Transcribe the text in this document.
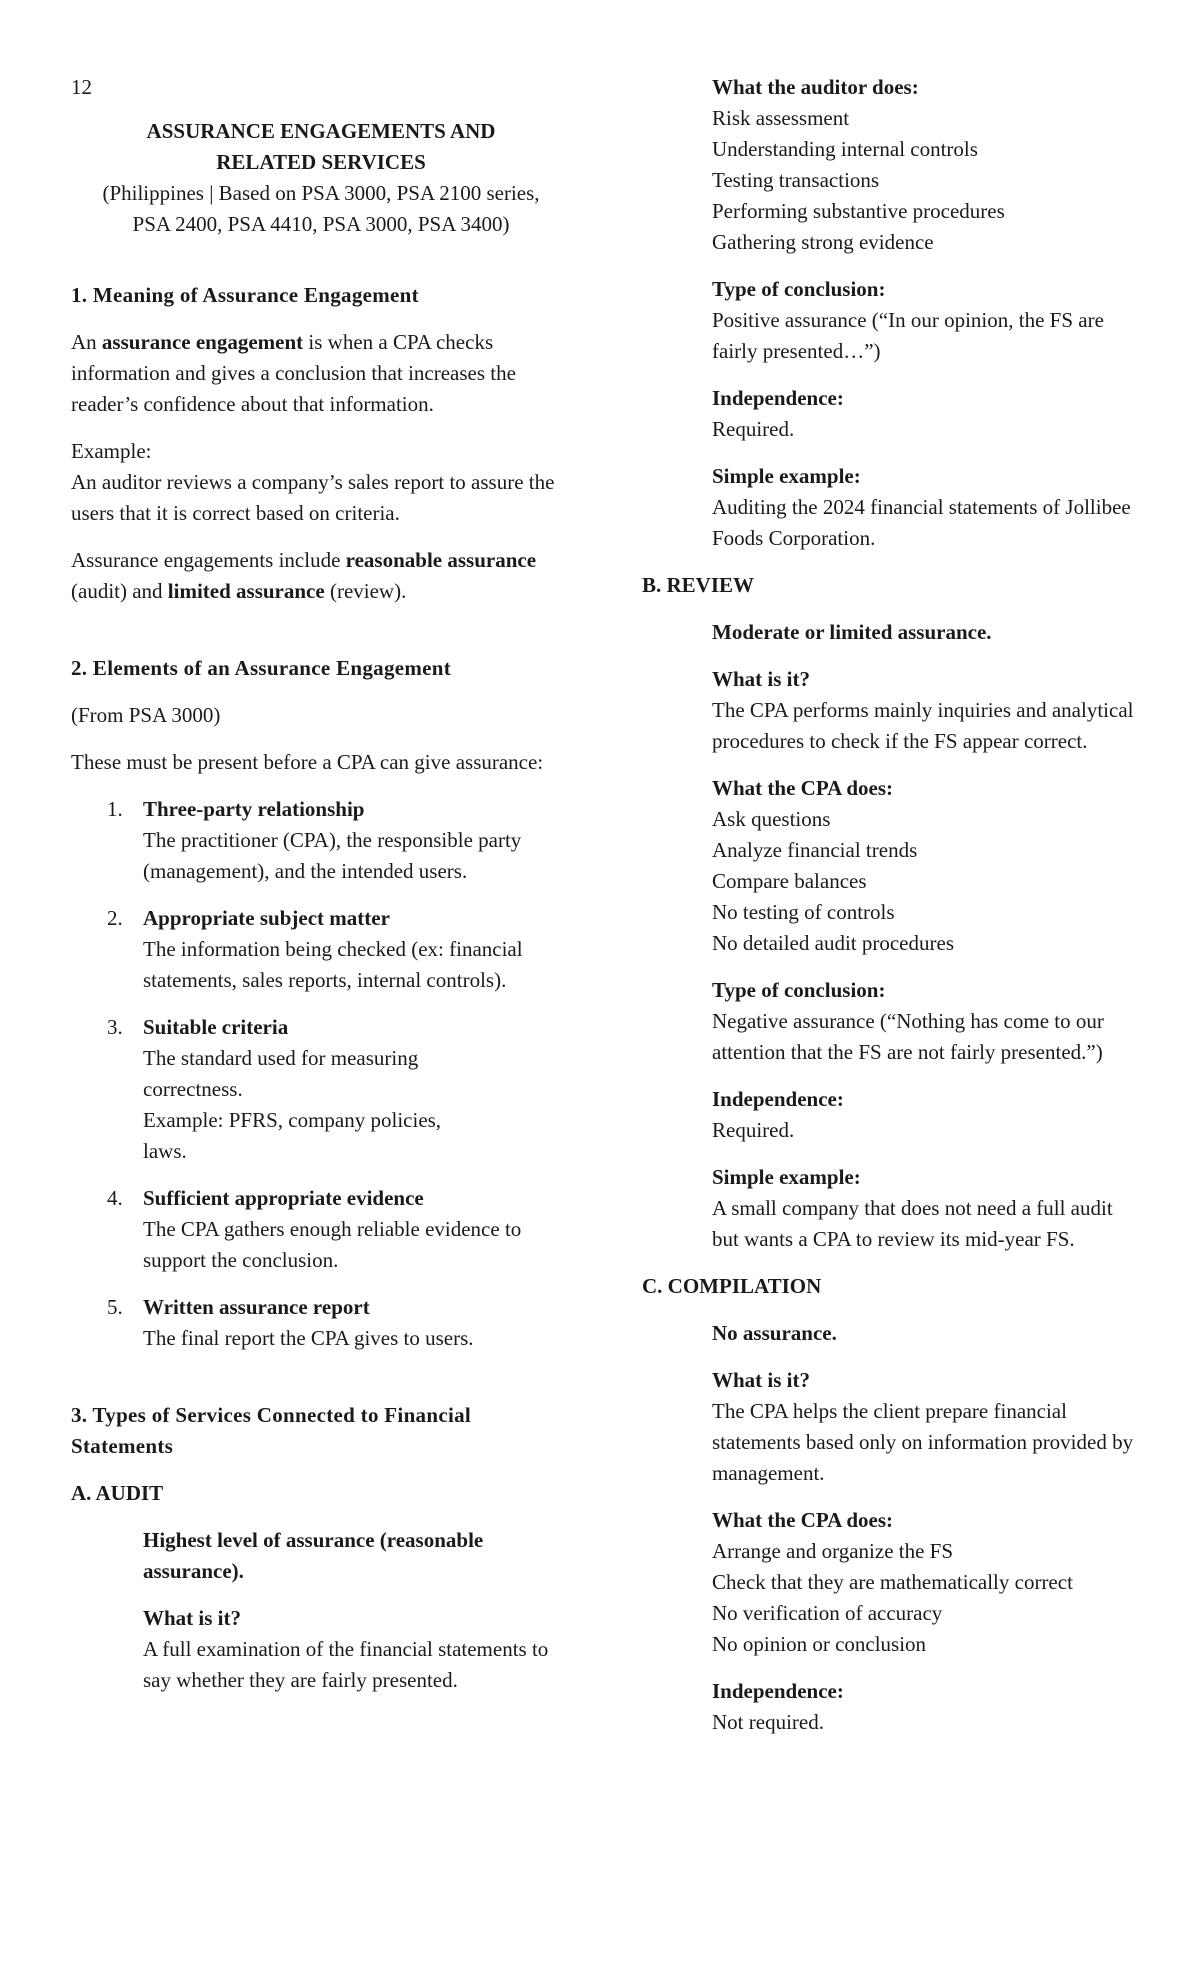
12
ASSURANCE ENGAGEMENTS AND
RELATED SERVICES
(Philippines | Based on PSA 3000, PSA 2100 series,
PSA 2400, PSA 4410, PSA 3000, PSA 3400)
1. Meaning of Assurance Engagement

An assurance engagement is when a CPA checks information and gives a conclusion that increases the reader’s confidence about that information.

Example:
An auditor reviews a company’s sales report to assure the users that it is correct based on criteria.

Assurance engagements include reasonable assurance (audit) and limited assurance (review).

2. Elements of an Assurance Engagement

(From PSA 3000)

These must be present before a CPA can give assurance:

1. Three-party relationship
The practitioner (CPA), the responsible party (management), and the intended users.
2. Appropriate subject matter
The information being checked (ex: financial statements, sales reports, internal controls).
3. Suitable criteria
The standard used for measuring correctness.
Example: PFRS, company policies, laws.
4. Sufficient appropriate evidence
The CPA gathers enough reliable evidence to support the conclusion.
5. Written assurance report
The final report the CPA gives to users.
3. Types of Services Connected to Financial Statements

A. AUDIT

Highest level of assurance (reasonable assurance).

What is it?
A full examination of the financial statements to say whether they are fairly presented.

What the auditor does:
Risk assessment
Understanding internal controls
Testing transactions
Performing substantive procedures
Gathering strong evidence

Type of conclusion:
Positive assurance (“In our opinion, the FS are fairly presented…”)

Independence:
Required.

Simple example:
Auditing the 2024 financial statements of Jollibee Foods Corporation.

B. REVIEW

Moderate or limited assurance.

What is it?
The CPA performs mainly inquiries and analytical procedures to check if the FS appear correct.

What the CPA does:
Ask questions
Analyze financial trends
Compare balances
No testing of controls
No detailed audit procedures

Type of conclusion:
Negative assurance (“Nothing has come to our attention that the FS are not fairly presented.”)

Independence:
Required.

Simple example:
A small company that does not need a full audit but wants a CPA to review its mid-year FS.

C. COMPILATION

No assurance.

What is it?
The CPA helps the client prepare financial statements based only on information provided by management.

What the CPA does:
Arrange and organize the FS
Check that they are mathematically correct
No verification of accuracy
No opinion or conclusion

Independence:
Not required.
